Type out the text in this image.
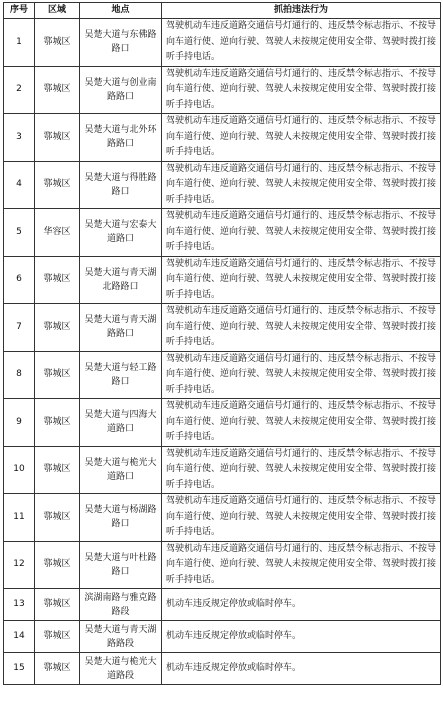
序号	区域	地点	抓拍违法行为
1	鄠城区	吴楚大道与东佛路路口	驾驶机动车违反道路交通信号灯通行的、违反禁令标志指示、不按导向车道行使、逆向行驶、驾驶人未按规定使用安全带、驾驶时拨打接听手持电话。
2	鄠城区	吴楚大道与创业南路路口	驾驶机动车违反道路交通信号灯通行的、违反禁令标志指示、不按导向车道行使、逆向行驶、驾驶人未按规定使用安全带、驾驶时拨打接听手持电话。
3	鄠城区	吴楚大道与北外环路路口	驾驶机动车违反道路交通信号灯通行的、违反禁令标志指示、不按导向车道行使、逆向行驶、驾驶人未按规定使用安全带、驾驶时拨打接听手持电话。
4	鄠城区	吴楚大道与得胜路路口	驾驶机动车违反道路交通信号灯通行的、违反禁令标志指示、不按导向车道行使、逆向行驶、驾驶人未按规定使用安全带、驾驶时拨打接听手持电话。
5	华容区	吴楚大道与宏泰大道路口	驾驶机动车违反道路交通信号灯通行的、违反禁令标志指示、不按导向车道行使、逆向行驶、驾驶人未按规定使用安全带、驾驶时拨打接听手持电话。
6	鄠城区	吴楚大道与青天湖北路路口	驾驶机动车违反道路交通信号灯通行的、违反禁令标志指示、不按导向车道行使、逆向行驶、驾驶人未按规定使用安全带、驾驶时拨打接听手持电话。
7	鄠城区	吴楚大道与青天湖路路口	驾驶机动车违反道路交通信号灯通行的、违反禁令标志指示、不按导向车道行使、逆向行驶、驾驶人未按规定使用安全带、驾驶时拨打接听手持电话。
8	鄠城区	吴楚大道与轻工路路口	驾驶机动车违反道路交通信号灯通行的、违反禁令标志指示、不按导向车道行使、逆向行驶、驾驶人未按规定使用安全带、驾驶时拨打接听手持电话。
9	鄠城区	吴楚大道与四海大道路口	驾驶机动车违反道路交通信号灯通行的、违反禁令标志指示、不按导向车道行使、逆向行驶、驾驶人未按规定使用安全带、驾驶时拨打接听手持电话。
10	鄠城区	吴楚大道与桅光大道路口	驾驶机动车违反道路交通信号灯通行的、违反禁令标志指示、不按导向车道行使、逆向行驶、驾驶人未按规定使用安全带、驾驶时拨打接听手持电话。
11	鄠城区	吴楚大道与杨湖路路口	驾驶机动车违反道路交通信号灯通行的、违反禁令标志指示、不按导向车道行使、逆向行驶、驾驶人未按规定使用安全带、驾驶时拨打接听手持电话。
12	鄠城区	吴楚大道与叶杜路路口	驾驶机动车违反道路交通信号灯通行的、违反禁令标志指示、不按导向车道行使、逆向行驶、驾驶人未按规定使用安全带、驾驶时拨打接听手持电话。
13	鄠城区	滨湖南路与雅克路路段	机动车违反规定停放或临时停车。
14	鄠城区	吴楚大道与青天湖路路段	机动车违反规定停放或临时停车。
15	鄠城区	吴楚大道与桅光大道路段	机动车违反规定停放或临时停车。
